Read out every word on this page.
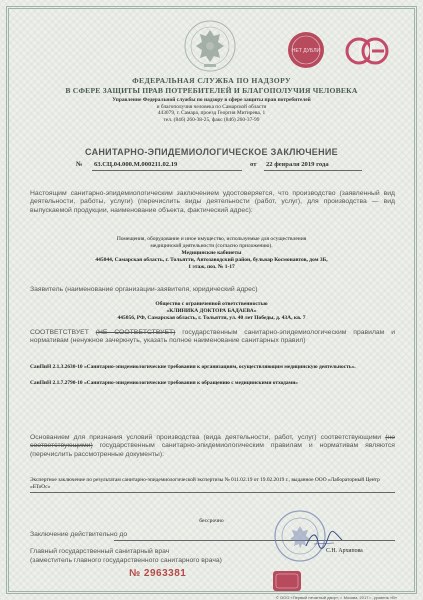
НЕТ ДУБЛИ
ФЕДЕРАЛЬНАЯ СЛУЖБА ПО НАДЗОРУ
В СФЕРЕ ЗАЩИТЫ ПРАВ ПОТРЕБИТЕЛЕЙ И БЛАГОПОЛУЧИЯ ЧЕЛОВЕКА
Управление Федеральной службы по надзору в сфере защиты прав потребителей
и благополучия человека по Самарской области
443079, г. Самара, проезд Георгия Митирева, 1
тел. (846) 260-38-25, факс (846) 260-37-99
САНИТАРНО-ЭПИДЕМИОЛОГИЧЕСКОЕ ЗАКЛЮЧЕНИЕ
№ 63.СЦ.04.000.М.000211.02.19	от 22 февраля 2019 года
Настоящим санитарно-эпидемиологическим заключением удостоверяется, что производство (заявленный вид деятельности, работы, услуги) (перечислить виды деятельности (работ, услуг), для производства — вид выпускаемой продукции, наименование объекта, фактический адрес):
Помещения, оборудование и иное имущество, используемые для осуществления
медицинской деятельности (согласно приложению).
Медицинские кабинеты
445044, Самарская область, г. Тольятти, Автозаводский район, бульвар Космонавтов, дом 3Б,
1 этаж, поз. № 1-17
Заявитель (наименование организации-заявителя, юридический адрес)
Общество с ограниченной ответственностью
«КЛИНИКА ДОКТОРА БАДАЕВА»
445056, РФ, Самарская область, г. Тольятти, ул. 40 лет Победы, д. 43А, кв. 7
СООТВЕТСТВУЕТ (НЕ СООТВЕТСТВУЕТ) государственным санитарно-эпидемиологическим правилам и нормативам (ненужное зачеркнуть, указать полное наименование санитарных правил)
СанПиН 2.1.3.2630-10 «Санитарно-эпидемиологические требования к организациям, осуществляющим медицинскую деятельность».
СанПиН 2.1.7.2790-10 «Санитарно-эпидемиологические требования к обращению с медицинскими отходами»
Основанием для признания условий производства (вида деятельности, работ, услуг) соответствующими (не соответствующими) государственным санитарно-эпидемиологическим правилам и нормативам являются (перечислить рассмотренные документы):
Экспертное заключение по результатам санитарно-эпидемиологической экспертизы № 011.02.19 от 19.02.2019 г., выданное ООО «Лабораторный Центр «БТоОс»
бессрочно
Заключение действительно до
Главный государственный санитарный врач
(заместитель главного государственного санитарного врача)
С.Н. Архипова
№ 2963381
© ООО «Первый печатный двор», г. Москва, 2017 г., уровень «В»
